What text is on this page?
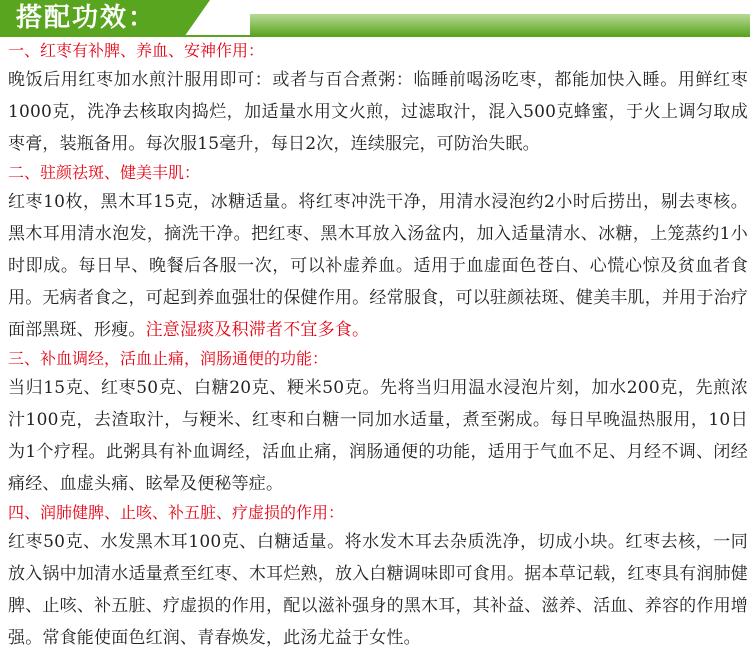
搭配功效：

一、红枣有补脾、养血、安神作用：

晚饭后用红枣加水煎汁服用即可：或者与百合煮粥：临睡前喝汤吃枣，都能加快入睡。用鲜红枣1000克，洗净去核取肉捣烂，加适量水用文火煎，过滤取汁，混入500克蜂蜜，于火上调匀取成枣膏，装瓶备用。每次服15毫升，每日2次，连续服完，可防治失眠。

二、驻颜祛斑、健美丰肌：

红枣10枚，黑木耳15克，冰糖适量。将红枣冲洗干净，用清水浸泡约2小时后捞出，剔去枣核。黑木耳用清水泡发，摘洗干净。把红枣、黑木耳放入汤盆内，加入适量清水、冰糖，上笼蒸约1小时即成。每日早、晚餐后各服一次，可以补虚养血。适用于血虚面色苍白、心慌心惊及贫血者食用。无病者食之，可起到养血强壮的保健作用。经常服食，可以驻颜祛斑、健美丰肌，并用于治疗面部黑斑、形瘦。注意湿痰及积滞者不宜多食。

三、补血调经，活血止痛，润肠通便的功能：

当归15克、红枣50克、白糖20克、粳米50克。先将当归用温水浸泡片刻，加水200克，先煎浓汁100克，去渣取汁，与粳米、红枣和白糖一同加水适量，煮至粥成。每日早晚温热服用，10日为1个疗程。此粥具有补血调经，活血止痛，润肠通便的功能，适用于气血不足、月经不调、闭经痛经、血虚头痛、眩晕及便秘等症。

四、润肺健脾、止咳、补五脏、疗虚损的作用：

红枣50克、水发黑木耳100克、白糖适量。将水发木耳去杂质洗净，切成小块。红枣去核，一同放入锅中加清水适量煮至红枣、木耳烂熟，放入白糖调味即可食用。据本草记载，红枣具有润肺健脾、止咳、补五脏、疗虚损的作用，配以滋补强身的黑木耳，其补益、滋养、活血、养容的作用增强。常食能使面色红润、青春焕发，此汤尤益于女性。
